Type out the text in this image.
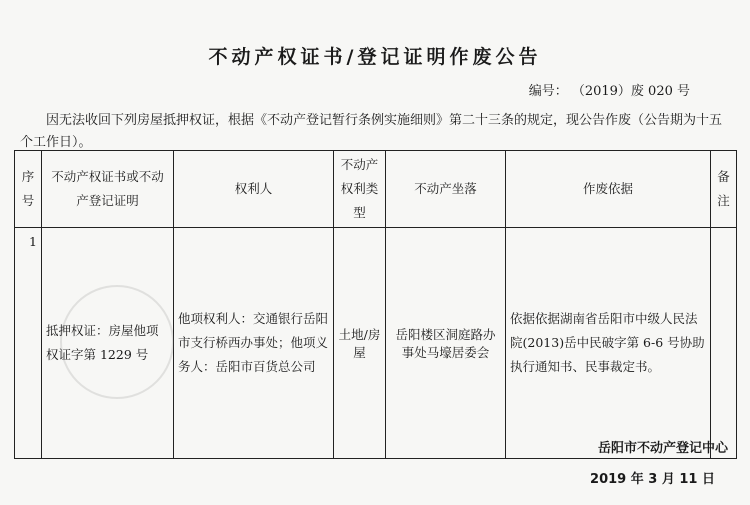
不动产权证书/登记证明作废公告
编号： （2019）废 020 号
因无法收回下列房屋抵押权证，根据《不动产登记暂行条例实施细则》第二十三条的规定，现公告作废（公告期为十五个工作日）。
序号	不动产权证书或不动产登记证明	权利人	不动产权利类型	不动产坐落	作废依据	备注
1	抵押权证：房屋他项权证字第 1229 号	他项权利人：交通银行岳阳市支行桥西办事处；他项义务人：岳阳市百货总公司	土地/房屋	岳阳楼区洞庭路办事处马壕居委会	依据依据湖南省岳阳市中级人民法院(2013)岳中民破字第 6-6 号协助执行通知书、民事裁定书。	
岳阳市不动产登记中心
2019 年 3 月 11 日
